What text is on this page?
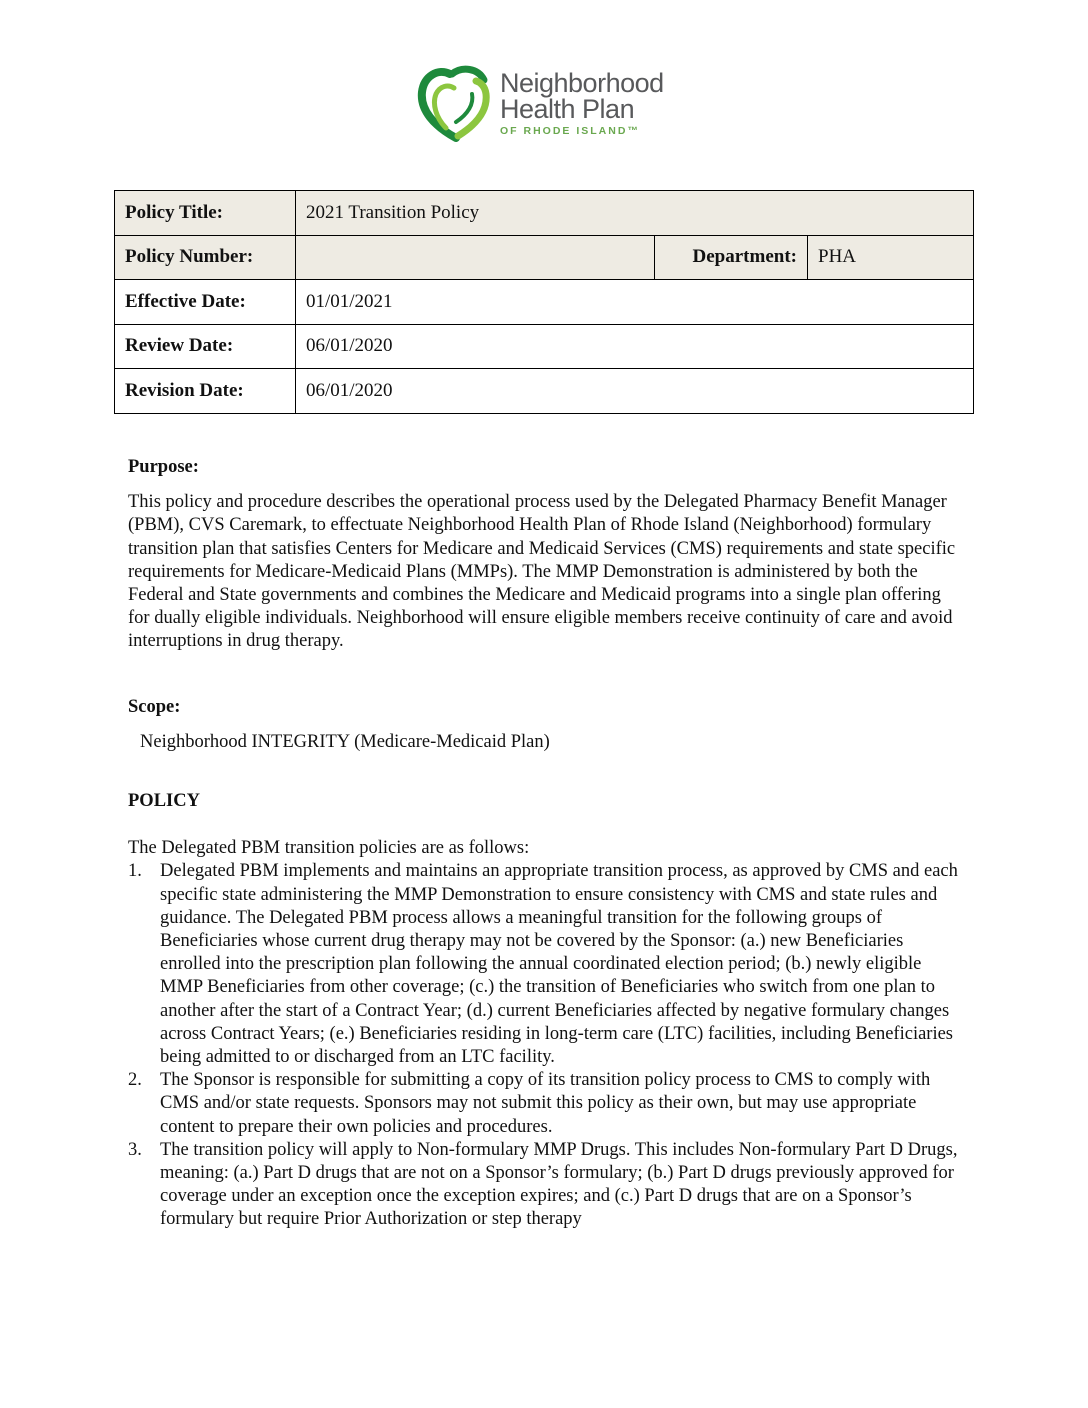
Neighborhood
Health Plan
OF RHODE ISLAND™
Policy Title:	2021 Transition Policy		
Policy Number:		Department:	PHA
Effective Date:	01/01/2021		
Review Date:	06/01/2020		
Revision Date:	06/01/2020		

Purpose:

This policy and procedure describes the operational process used by the Delegated Pharmacy Benefit Manager (PBM), CVS Caremark, to effectuate Neighborhood Health Plan of Rhode Island (Neighborhood) formulary transition plan that satisfies Centers for Medicare and Medicaid Services (CMS) requirements and state specific requirements for Medicare-Medicaid Plans (MMPs). The MMP Demonstration is administered by both the Federal and State governments and combines the Medicare and Medicaid programs into a single plan offering for dually eligible individuals. Neighborhood will ensure eligible members receive continuity of care and avoid interruptions in drug therapy.

Scope:

Neighborhood INTEGRITY (Medicare-Medicaid Plan)

POLICY

The Delegated PBM transition policies are as follows:

1. Delegated PBM implements and maintains an appropriate transition process, as approved by CMS and each specific state administering the MMP Demonstration to ensure consistency with CMS and state rules and guidance. The Delegated PBM process allows a meaningful transition for the following groups of Beneficiaries whose current drug therapy may not be covered by the Sponsor: (a.) new Beneficiaries enrolled into the prescription plan following the annual coordinated election period; (b.) newly eligible MMP Beneficiaries from other coverage; (c.) the transition of Beneficiaries who switch from one plan to another after the start of a Contract Year; (d.) current Beneficiaries affected by negative formulary changes across Contract Years; (e.) Beneficiaries residing in long-term care (LTC) facilities, including Beneficiaries being admitted to or discharged from an LTC facility.
2. The Sponsor is responsible for submitting a copy of its transition policy process to CMS to comply with CMS and/or state requests. Sponsors may not submit this policy as their own, but may use appropriate content to prepare their own policies and procedures.
3. The transition policy will apply to Non-formulary MMP Drugs. This includes Non-formulary Part D Drugs, meaning: (a.) Part D drugs that are not on a Sponsor’s formulary; (b.) Part D drugs previously approved for coverage under an exception once the exception expires; and (c.) Part D drugs that are on a Sponsor’s formulary but require Prior Authorization or step therapy
